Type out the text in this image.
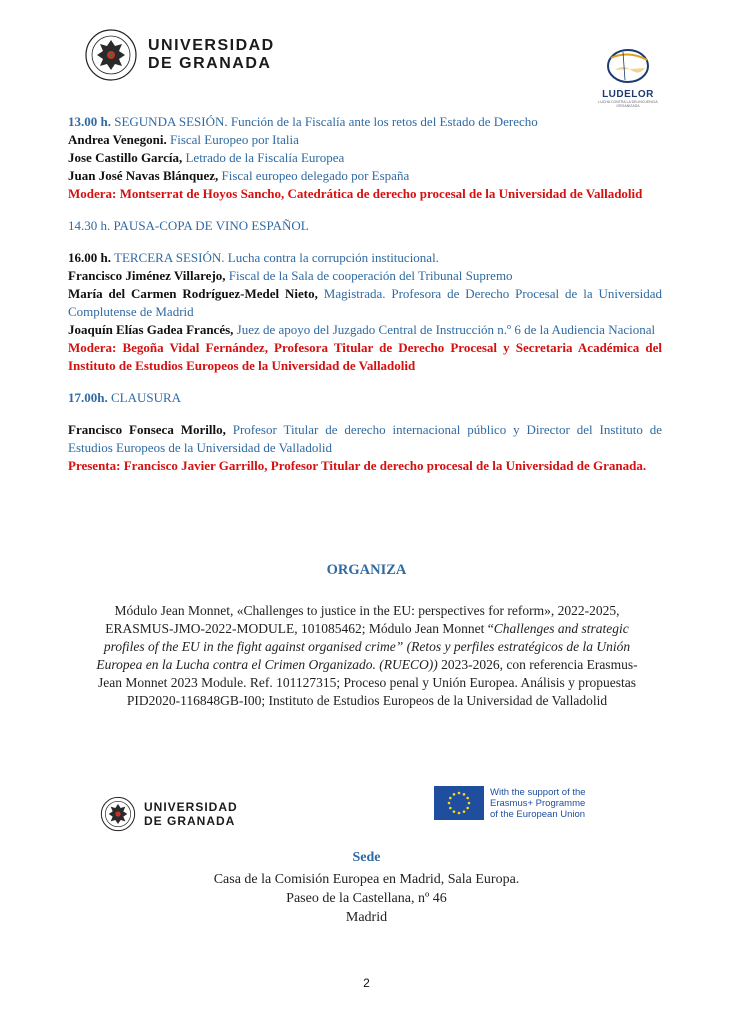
UNIVERSIDAD
DE GRANADA
LUDELOR
LUCHA CONTRA LA DELINCUENCIA ORGANIZADA

13.00 h. SEGUNDA SESIÓN. Función de la Fiscalía ante los retos del Estado de Derecho

Andrea Venegoni. Fiscal Europeo por Italia

Jose Castillo García, Letrado de la Fiscalía Europea

Juan José Navas Blánquez, Fiscal europeo delegado por España

Modera: Montserrat de Hoyos Sancho, Catedrática de derecho procesal de la Universidad de Valladolid

14.30 h. PAUSA-COPA DE VINO ESPAÑOL

16.00 h. TERCERA SESIÓN. Lucha contra la corrupción institucional.

Francisco Jiménez Villarejo, Fiscal de la Sala de cooperación del Tribunal Supremo

María del Carmen Rodríguez-Medel Nieto, Magistrada. Profesora de Derecho Procesal de la Universidad Complutense de Madrid

Joaquín Elías Gadea Francés, Juez de apoyo del Juzgado Central de Instrucción n.º 6 de la Audiencia Nacional

Modera: Begoña Vidal Fernández, Profesora Titular de Derecho Procesal y Secretaria Académica del Instituto de Estudios Europeos de la Universidad de Valladolid

17.00h. CLAUSURA

Francisco Fonseca Morillo, Profesor Titular de derecho internacional público y Director del Instituto de Estudios Europeos de la Universidad de Valladolid

Presenta: Francisco Javier Garrillo, Profesor Titular de derecho procesal de la Universidad de Granada.

ORGANIZA
Módulo Jean Monnet, «Challenges to justice in the EU: perspectives for reform», 2022-2025, ERASMUS-JMO-2022-MODULE, 101085462; Módulo Jean Monnet “Challenges and strategic profiles of the EU in the fight against organised crime” (Retos y perfiles estratégicos de la Unión Europea en la Lucha contra el Crimen Organizado. (RUECO)) 2023-2026, con referencia Erasmus-Jean Monnet 2023 Module. Ref. 101127315; Proceso penal y Unión Europea. Análisis y propuestas PID2020-116848GB-I00; Instituto de Estudios Europeos de la Universidad de Valladolid
UNIVERSIDAD
DE GRANADA
With the support of the
Erasmus+ Programme
of the European Union
Sede
Casa de la Comisión Europea en Madrid, Sala Europa.
Paseo de la Castellana, nº 46
Madrid
2
